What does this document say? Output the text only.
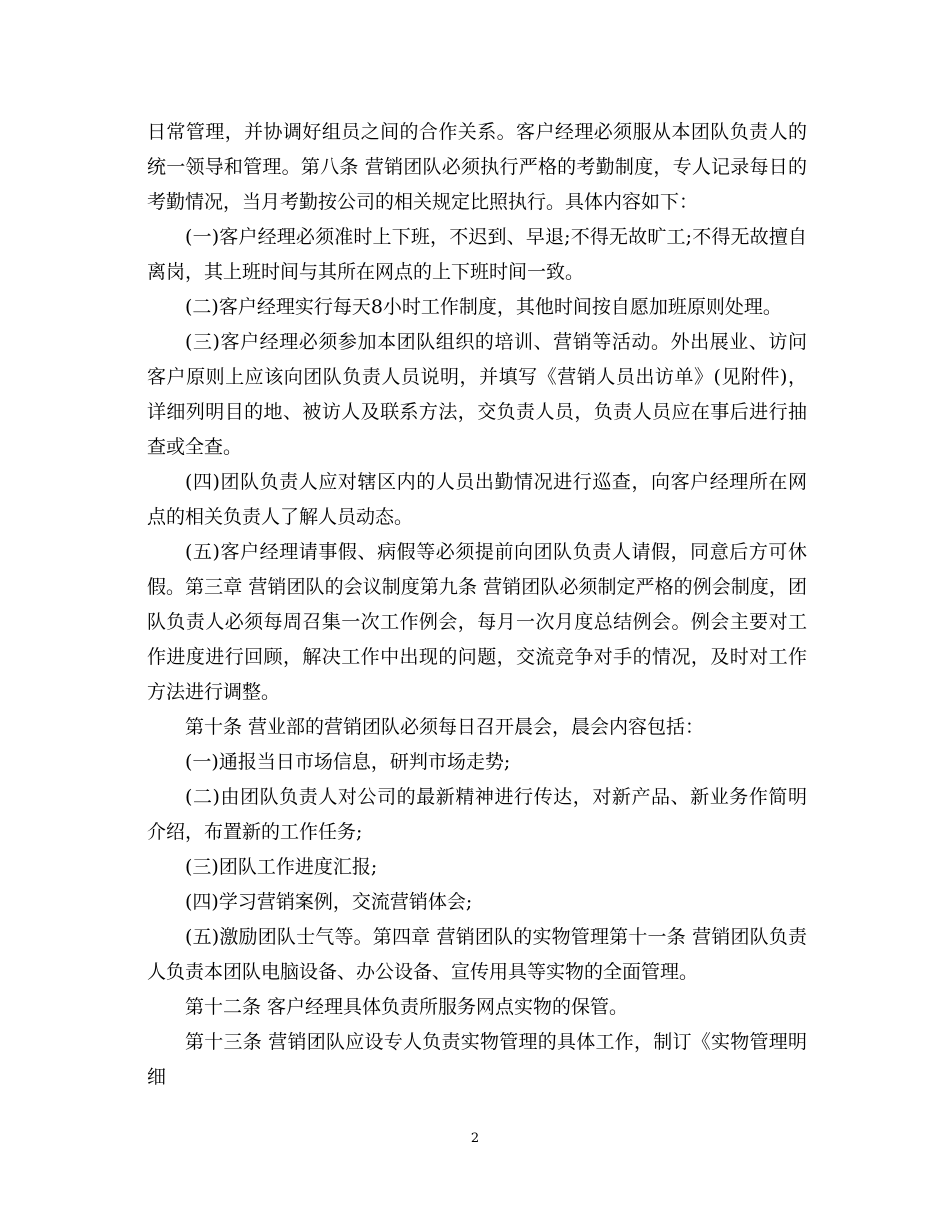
日常管理，并协调好组员之间的合作关系。客户经理必须服从本团队负责人的统一领导和管理。第八条 营销团队必须执行严格的考勤制度，专人记录每日的考勤情况，当月考勤按公司的相关规定比照执行。具体内容如下：

(一)客户经理必须准时上下班，不迟到、早退;不得无故旷工;不得无故擅自离岗，其上班时间与其所在网点的上下班时间一致。

(二)客户经理实行每天8小时工作制度，其他时间按自愿加班原则处理。

(三)客户经理必须参加本团队组织的培训、营销等活动。外出展业、访问客户原则上应该向团队负责人员说明，并填写《营销人员出访单》(见附件)，详细列明目的地、被访人及联系方法，交负责人员，负责人员应在事后进行抽查或全查。

(四)团队负责人应对辖区内的人员出勤情况进行巡查，向客户经理所在网点的相关负责人了解人员动态。

(五)客户经理请事假、病假等必须提前向团队负责人请假，同意后方可休假。第三章 营销团队的会议制度第九条 营销团队必须制定严格的例会制度，团队负责人必须每周召集一次工作例会，每月一次月度总结例会。例会主要对工作进度进行回顾，解决工作中出现的问题，交流竞争对手的情况，及时对工作方法进行调整。

第十条 营业部的营销团队必须每日召开晨会，晨会内容包括：

(一)通报当日市场信息，研判市场走势;

(二)由团队负责人对公司的最新精神进行传达，对新产品、新业务作简明介绍，布置新的工作任务;

(三)团队工作进度汇报;

(四)学习营销案例，交流营销体会;

(五)激励团队士气等。第四章 营销团队的实物管理第十一条 营销团队负责人负责本团队电脑设备、办公设备、宣传用具等实物的全面管理。

第十二条 客户经理具体负责所服务网点实物的保管。

第十三条 营销团队应设专人负责实物管理的具体工作，制订《实物管理明细

2
